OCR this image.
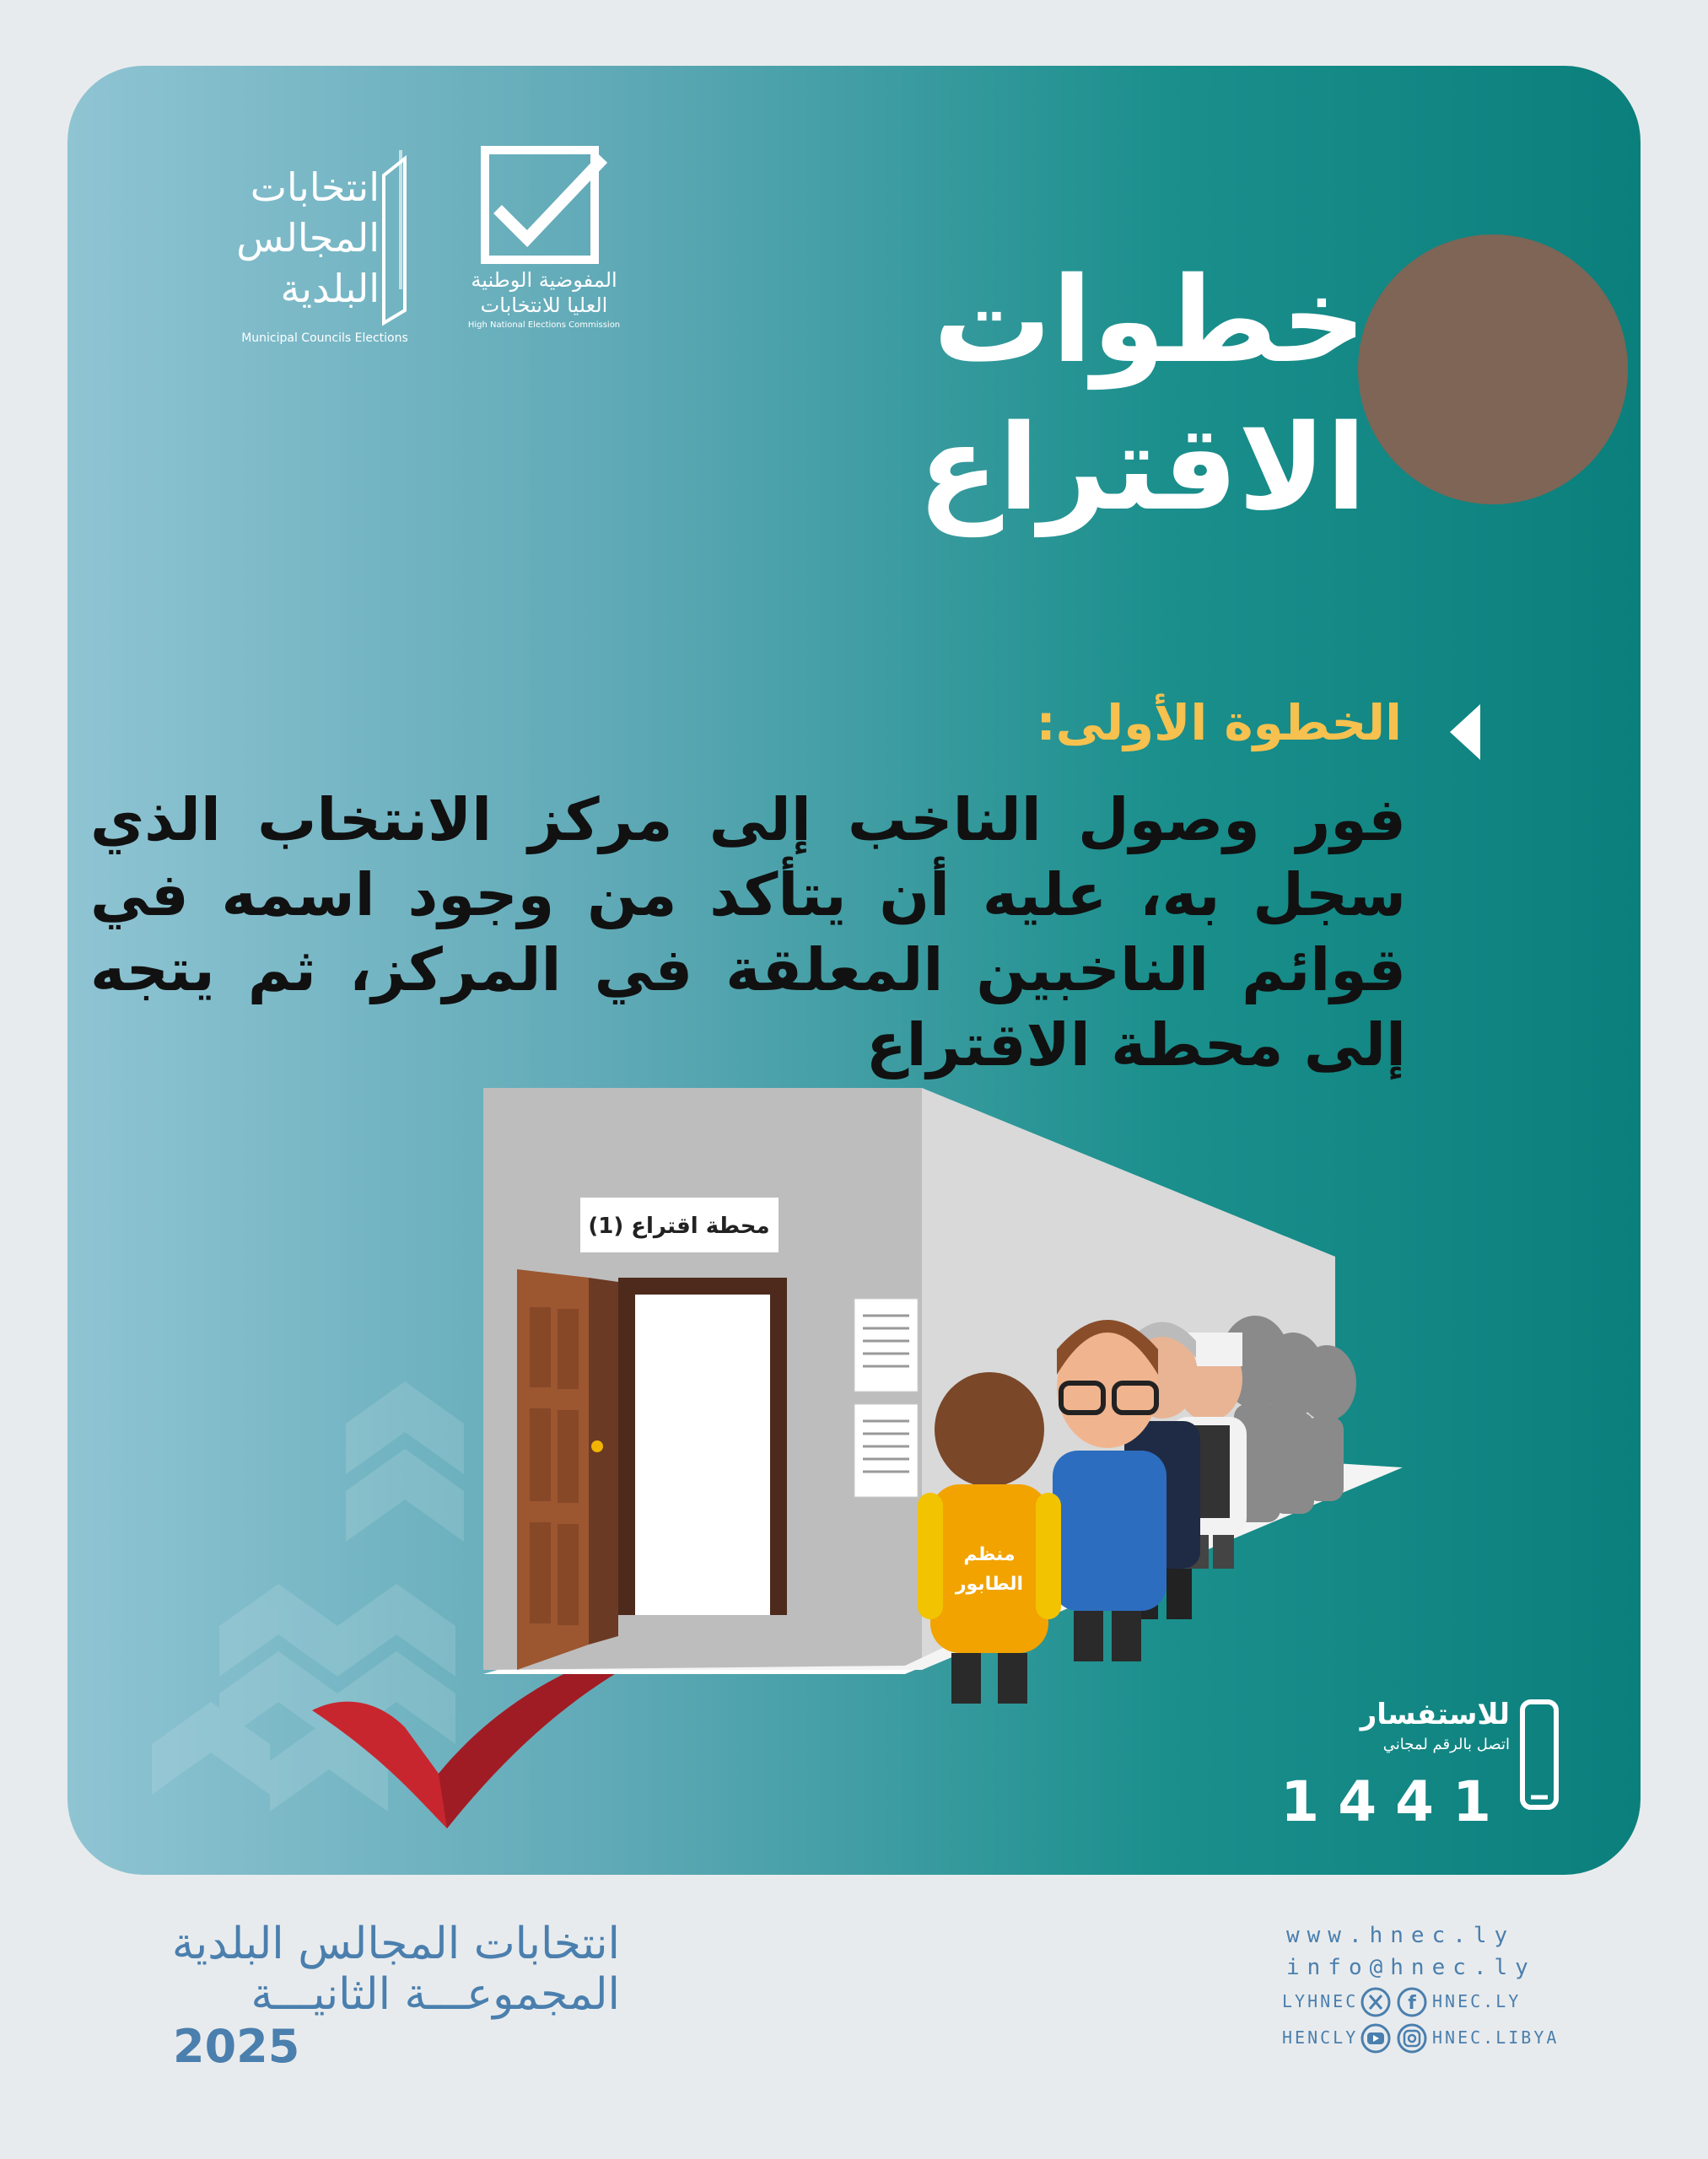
انتخابات
المجالس
البلدية
Municipal Councils Elections
المفوضية الوطنية
العليا للانتخابات
High National Elections Commission	خطوات
الاقتراع
الخطوة الأولى:
فور وصول الناخب إلى مركز الانتخاب الذي سجل به، عليه أن يتأكد من وجود اسمه في قوائم الناخبين المعلقة في المركز، ثم يتجه إلى محطة الاقتراع
محطة اقتراع (1)
منظم
الطابور
للاستفسار
اتصل بالرقم لمجاني
1441
انتخابات المجالس البلدية
المجموعـــة الثانيـــة
2025
www.hnec.ly
info@hnec.ly
LYHNEC	f HNEC.LY
HENCLY	HNEC.LIBYA
